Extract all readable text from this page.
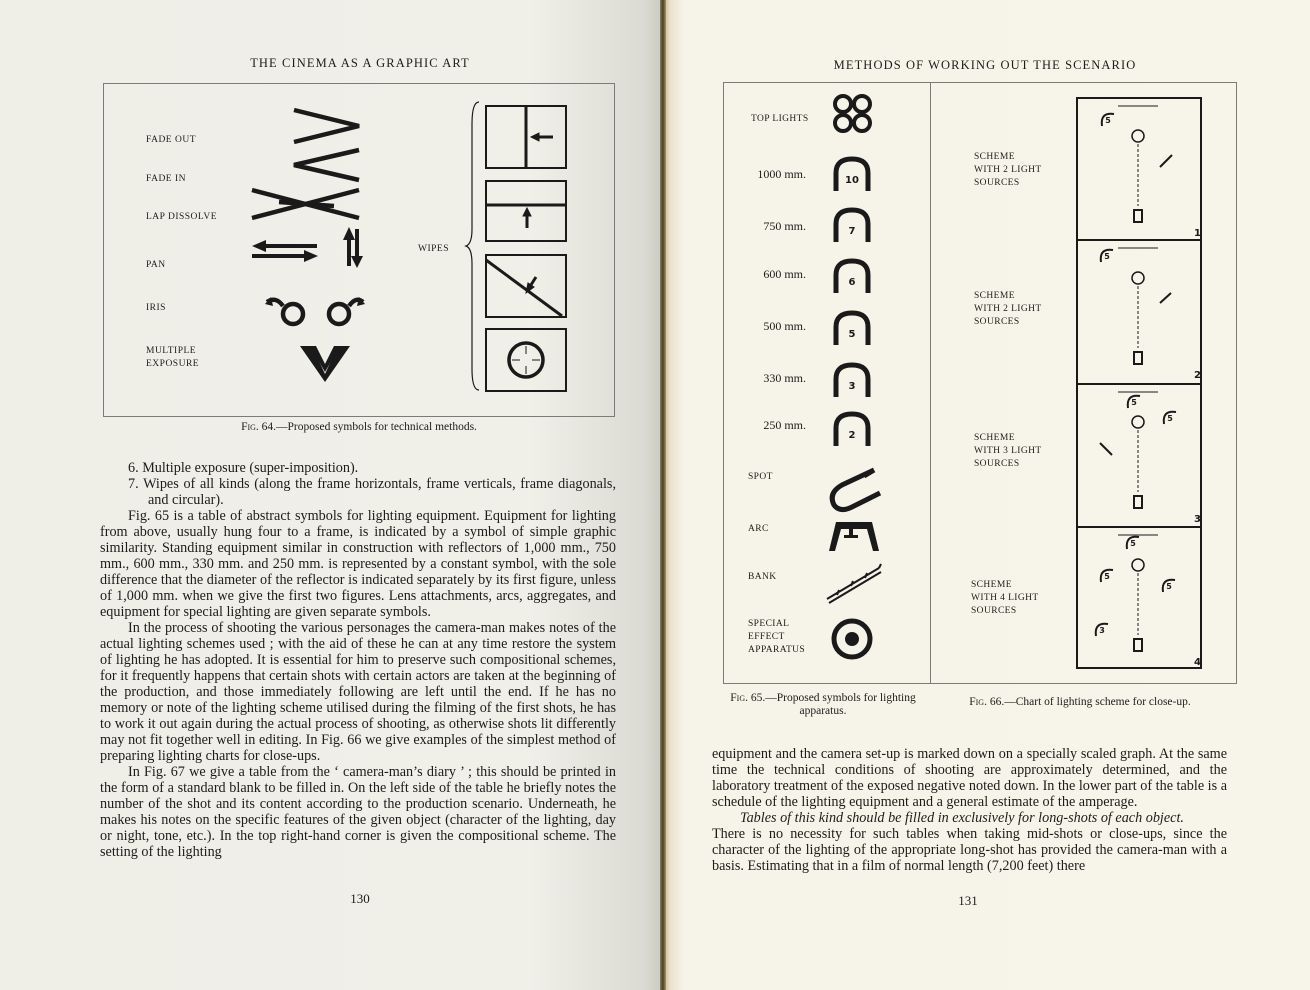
THE CINEMA AS A GRAPHIC ART
FADE OUT
FADE IN
LAP DISSOLVE
PAN
IRIS
MULTIPLE
EXPOSURE
WIPES
Fig. 64.—Proposed symbols for technical methods.

6. Multiple exposure (super-imposition).

7. Wipes of all kinds (along the frame horizontals, frame verticals, frame diagonals, and circular).

Fig. 65 is a table of abstract symbols for lighting equipment. Equipment for lighting from above, usually hung four to a frame, is indicated by a symbol of simple graphic similarity. Standing equipment similar in construction with reflectors of 1,000 mm., 750 mm., 600 mm., 330 mm. and 250 mm. is represented by a constant symbol, with the sole difference that the diameter of the reflector is indicated separately by its first figure, unless of 1,000 mm. when we give the first two figures. Lens attachments, arcs, aggregates, and equipment for special lighting are given separate symbols.

In the process of shooting the various personages the camera-man makes notes of the actual lighting schemes used ; with the aid of these he can at any time restore the system of lighting he has adopted. It is essential for him to preserve such compositional schemes, for it frequently happens that certain shots with certain actors are taken at the beginning of the production, and those immediately following are left until the end. If he has no memory or note of the lighting scheme utilised during the filming of the first shots, he has to work it out again during the actual process of shooting, as otherwise shots lit differently may not fit together well in editing. In Fig. 66 we give examples of the simplest method of preparing lighting charts for close-ups.

In Fig. 67 we give a table from the ‘ camera-man’s diary ’ ; this should be printed in the form of a standard blank to be filled in. On the left side of the table he briefly notes the number of the shot and its content according to the production scenario. Underneath, he makes his notes on the specific features of the given object (character of the lighting, day or night, tone, etc.). In the top right-hand corner is given the compositional scheme. The setting of the lighting

130
METHODS OF WORKING OUT THE SCENARIO
TOP LIGHTS
1000 mm.
750 mm.
600 mm.
500 mm.
330 mm.
250 mm.
SPOT
ARC
BANK
SPECIAL
EFFECT
APPARATUS
SCHEME
WITH 2 LIGHT
SOURCES
SCHEME
WITH 2 LIGHT
SOURCES
SCHEME
WITH 3 LIGHT
SOURCES
SCHEME
WITH 4 LIGHT
SOURCES
10
7
6
5
3
2
1
2
3
4
5
5
5
5
5
5
5
3
Fig. 65.—Proposed symbols for lighting apparatus.
Fig. 66.—Chart of lighting scheme for close-up.

equipment and the camera set-up is marked down on a specially scaled graph. At the same time the technical conditions of shooting are approximately determined, and the laboratory treatment of the exposed negative noted down. In the lower part of the table is a schedule of the lighting equipment and a general estimate of the amperage.

Tables of this kind should be filled in exclusively for long-shots of each object.

There is no necessity for such tables when taking mid-shots or close-ups, since the character of the lighting of the appropriate long-shot has provided the camera-man with a basis. Estimating that in a film of normal length (7,200 feet) there

131
